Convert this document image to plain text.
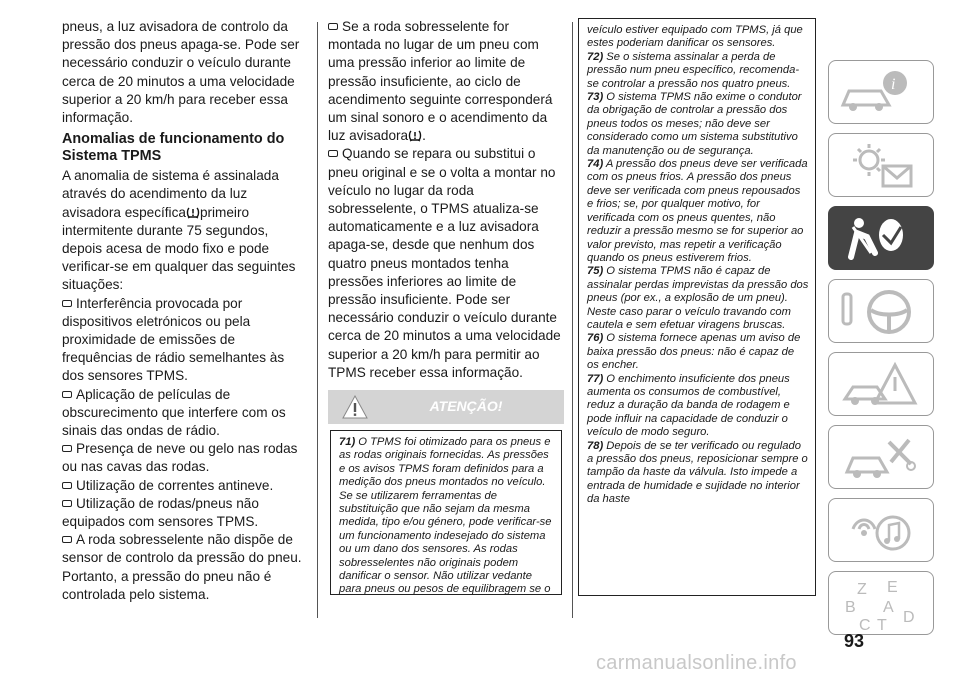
pneus, a luz avisadora de controlo da pressão dos pneus apaga-se. Pode ser necessário conduzir o veículo durante cerca de 20 minutos a uma velocidade superior a 20 km/h para receber essa informação.

Anomalias de funcionamento do Sistema TPMS

A anomalia de sistema é assinalada através do acendimento da luz avisadora específica primeiro intermitente durante 75 segundos, depois acesa de modo fixo e pode verificar-se em qualquer das seguintes situações:

Interferência provocada por dispositivos eletrónicos ou pela proximidade de emissões de frequências de rádio semelhantes às dos sensores TPMS.
Aplicação de películas de obscurecimento que interfere com os sinais das ondas de rádio.
Presença de neve ou gelo nas rodas ou nas cavas das rodas.
Utilização de correntes antineve.
Utilização de rodas/pneus não equipados com sensores TPMS.
A roda sobresselente não dispõe de sensor de controlo da pressão do pneu. Portanto, a pressão do pneu não é controlada pelo sistema.
Se a roda sobresselente for montada no lugar de um pneu com uma pressão inferior ao limite de pressão insuficiente, ao ciclo de acendimento seguinte corresponderá um sinal sonoro e o acendimento da luz avisadora .
Quando se repara ou substitui o pneu original e se o volta a montar no veículo no lugar da roda sobresselente, o TPMS atualiza-se automaticamente e a luz avisadora apaga-se, desde que nenhum dos quatro pneus montados tenha pressões inferiores ao limite de pressão insuficiente. Pode ser necessário conduzir o veículo durante cerca de 20 minutos a uma velocidade superior a 20 km/h para permitir ao TPMS receber essa informação.
ATENÇÃO!
71) O TPMS foi otimizado para os pneus e as rodas originais fornecidas. As pressões e os avisos TPMS foram definidos para a medição dos pneus montados no veículo. Se se utilizarem ferramentas de substituição que não sejam da mesma medida, tipo e/ou género, pode verificar-se um funcionamento indesejado do sistema ou um dano dos sensores. As rodas sobresselentes não originais podem danificar o sensor. Não utilizar vedante para pneus ou pesos de equilibragem se o

veículo estiver equipado com TPMS, já que estes poderiam danificar os sensores.

72) Se o sistema assinalar a perda de pressão num pneu específico, recomenda-se controlar a pressão nos quatro pneus.

73) O sistema TPMS não exime o condutor da obrigação de controlar a pressão dos pneus todos os meses; não deve ser considerado como um sistema substitutivo da manutenção ou de segurança.

74) A pressão dos pneus deve ser verificada com os pneus frios. A pressão dos pneus deve ser verificada com pneus repousados e frios; se, por qualquer motivo, for verificada com os pneus quentes, não reduzir a pressão mesmo se for superior ao valor previsto, mas repetir a verificação quando os pneus estiverem frios.

75) O sistema TPMS não é capaz de assinalar perdas imprevistas da pressão dos pneus (por ex., a explosão de um pneu). Neste caso parar o veículo travando com cautela e sem efetuar viragens bruscas.

76) O sistema fornece apenas um aviso de baixa pressão dos pneus: não é capaz de os encher.

77) O enchimento insuficiente dos pneus aumenta os consumos de combustível, reduz a duração da banda de rodagem e pode influir na capacidade de conduzir o veículo de modo seguro.

78) Depois de se ter verificado ou regulado a pressão dos pneus, reposicionar sempre o tampão da haste da válvula. Isto impede a entrada de humidade e sujidade no interior da haste

i
Z E
B A
C T D
93
carmanualsonline.info
